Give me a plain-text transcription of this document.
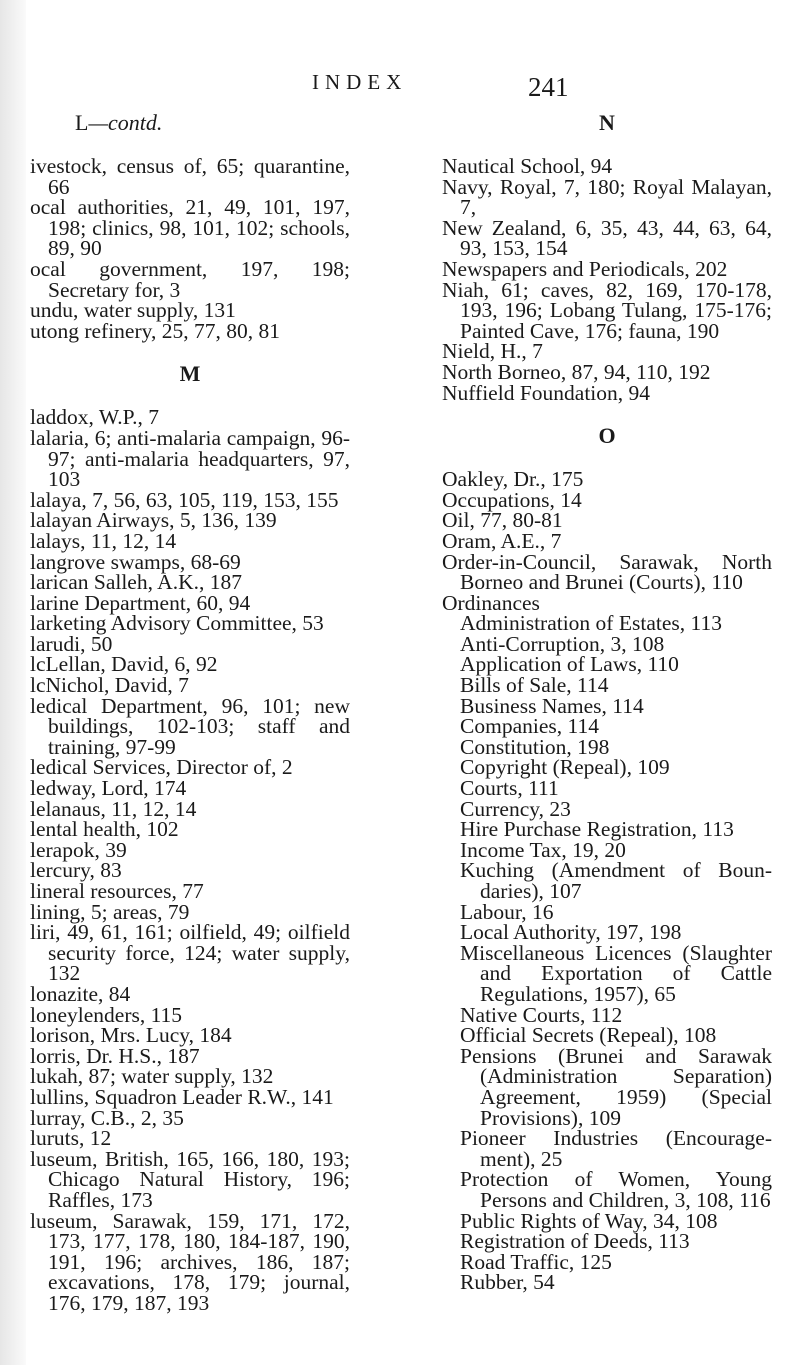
INDEX	241
L—contd.
ivestock, census of, 65; quarantine, 66
ocal authorities, 21, 49, 101, 197, 198; clinics, 98, 101, 102; schools, 89, 90
ocal government, 197, 198; Secretary for, 3
undu, water supply, 131
utong refinery, 25, 77, 80, 81
M
laddox, W.P., 7
lalaria, 6; anti-malaria campaign, 96-97; anti-malaria headquarters, 97, 103
lalaya, 7, 56, 63, 105, 119, 153, 155
lalayan Airways, 5, 136, 139
lalays, 11, 12, 14
langrove swamps, 68-69
larican Salleh, A.K., 187
larine Department, 60, 94
larketing Advisory Committee, 53
larudi, 50
lcLellan, David, 6, 92
lcNichol, David, 7
ledical Department, 96, 101; new buildings, 102-103; staff and training, 97-99
ledical Services, Director of, 2
ledway, Lord, 174
lelanaus, 11, 12, 14
lental health, 102
lerapok, 39
lercury, 83
lineral resources, 77
lining, 5; areas, 79
liri, 49, 61, 161; oilfield, 49; oilfield security force, 124; water supply, 132
lonazite, 84
loneylenders, 115
lorison, Mrs. Lucy, 184
lorris, Dr. H.S., 187
lukah, 87; water supply, 132
lullins, Squadron Leader R.W., 141
lurray, C.B., 2, 35
luruts, 12
luseum, British, 165, 166, 180, 193; Chicago Natural History, 196; Raffles, 173
luseum, Sarawak, 159, 171, 172, 173, 177, 178, 180, 184-187, 190, 191, 196; archives, 186, 187; excavations, 178, 179; journal, 176, 179, 187, 193
N
Nautical School, 94
Navy, Royal, 7, 180; Royal Malayan, 7,
New Zealand, 6, 35, 43, 44, 63, 64, 93, 153, 154
Newspapers and Periodicals, 202
Niah, 61; caves, 82, 169, 170-178, 193, 196; Lobang Tulang, 175-176; Painted Cave, 176; fauna, 190
Nield, H., 7
North Borneo, 87, 94, 110, 192
Nuffield Foundation, 94
O
Oakley, Dr., 175
Occupations, 14
Oil, 77, 80-81
Oram, A.E., 7
Order-in-Council, Sarawak, North Borneo and Brunei (Courts), 110
Ordinances
Administration of Estates, 113
Anti-Corruption, 3, 108
Application of Laws, 110
Bills of Sale, 114
Business Names, 114
Companies, 114
Constitution, 198
Copyright (Repeal), 109
Courts, 111
Currency, 23
Hire Purchase Registration, 113
Income Tax, 19, 20
Kuching (Amendment of Boundaries), 107
Labour, 16
Local Authority, 197, 198
Miscellaneous Licences (Slaughter and Exportation of Cattle Regulations, 1957), 65
Native Courts, 112
Official Secrets (Repeal), 108
Pensions (Brunei and Sarawak (Administration Separation) Agreement, 1959) (Special Provisions), 109
Pioneer Industries (Encouragement), 25
Protection of Women, Young Persons and Children, 3, 108, 116
Public Rights of Way, 34, 108
Registration of Deeds, 113
Road Traffic, 125
Rubber, 54
